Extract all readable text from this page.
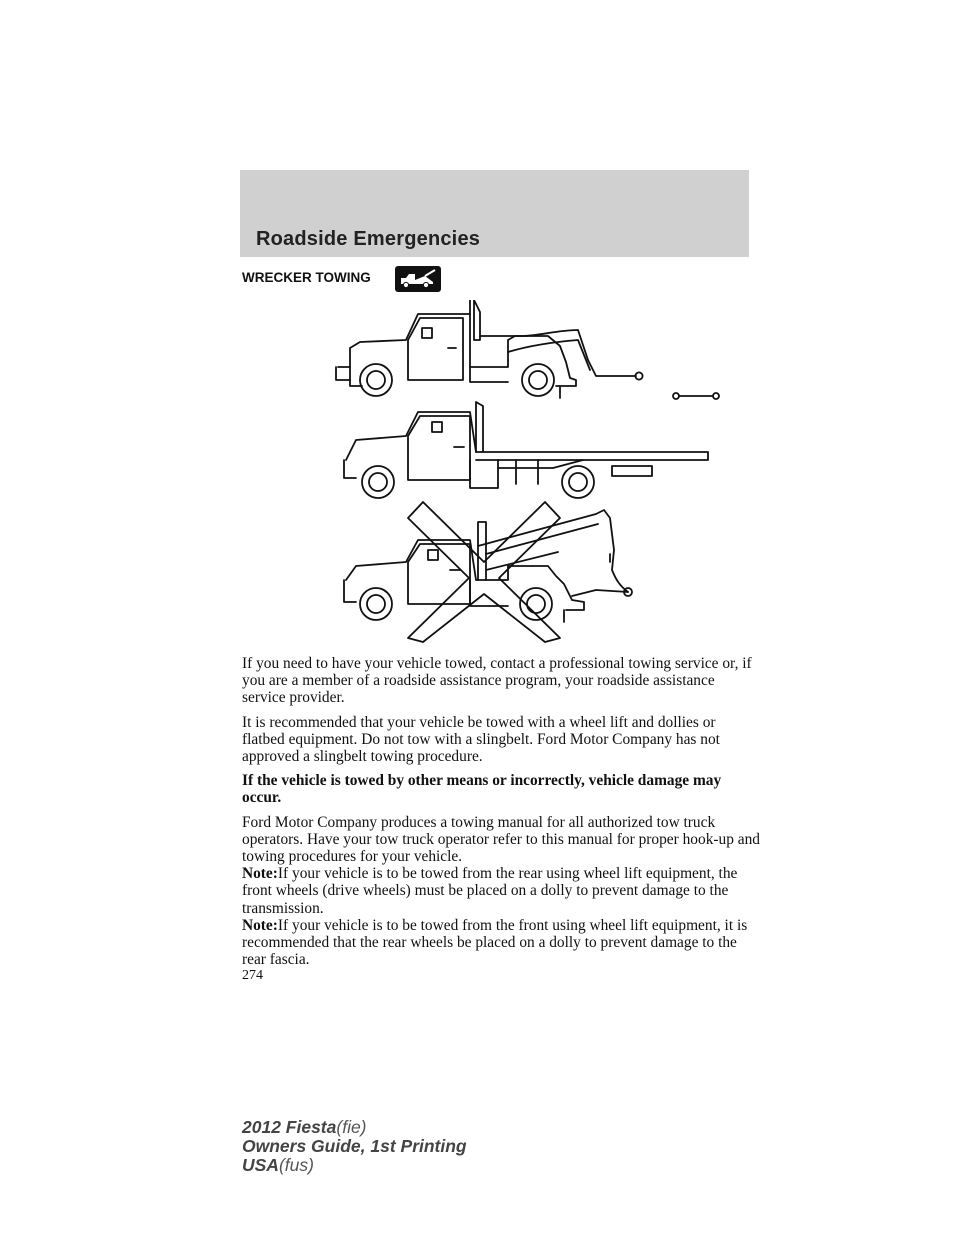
Roadside Emergencies
WRECKER TOWING

If you need to have your vehicle towed, contact a professional towing service or, if you are a member of a roadside assistance program, your roadside assistance service provider.

It is recommended that your vehicle be towed with a wheel lift and dollies or flatbed equipment. Do not tow with a slingbelt. Ford Motor Company has not approved a slingbelt towing procedure.

If the vehicle is towed by other means or incorrectly, vehicle damage may occur.

Ford Motor Company produces a towing manual for all authorized tow truck operators. Have your tow truck operator refer to this manual for proper hook-up and towing procedures for your vehicle.

Note:If your vehicle is to be towed from the rear using wheel lift equipment, the front wheels (drive wheels) must be placed on a dolly to prevent damage to the transmission.

Note:If your vehicle is to be towed from the front using wheel lift equipment, it is recommended that the rear wheels be placed on a dolly to prevent damage to the rear fascia.

274
2012 Fiesta(fie)
Owners Guide, 1st Printing
USA(fus)
